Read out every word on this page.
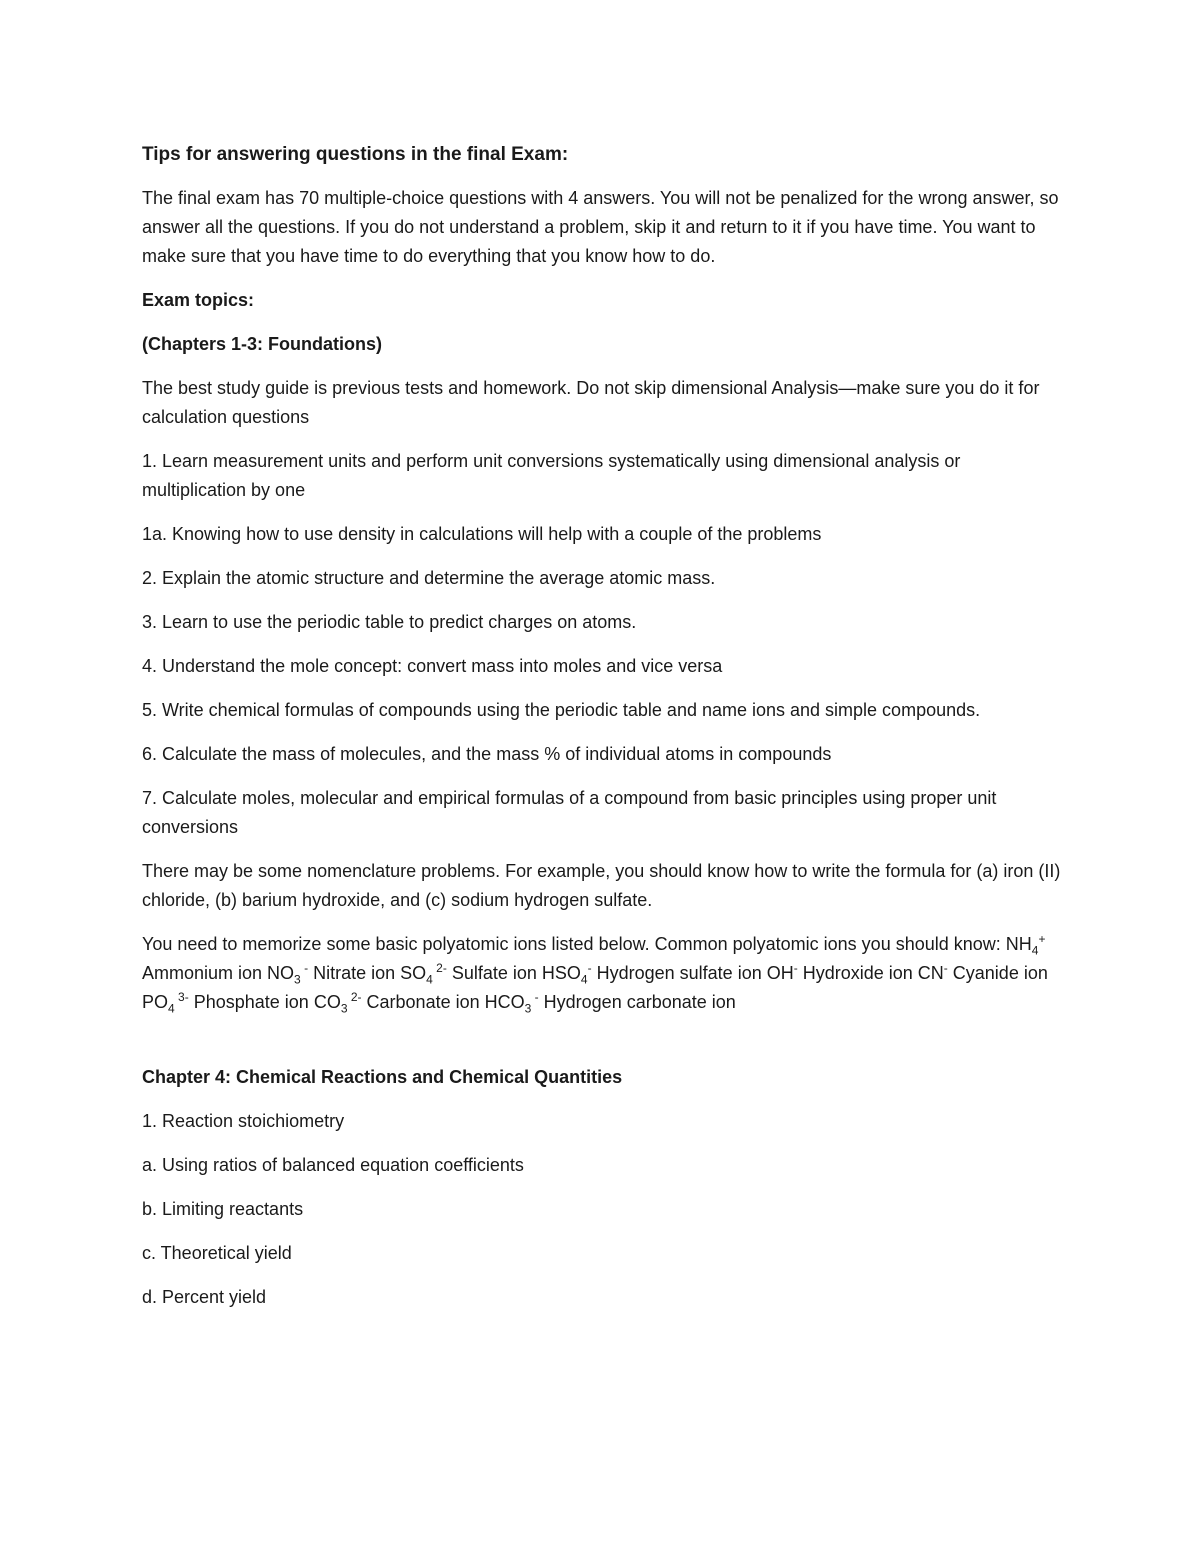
Tips for answering questions in the final Exam:

The final exam has 70 multiple-choice questions with 4 answers. You will not be penalized for the wrong answer, so answer all the questions. If you do not understand a problem, skip it and return to it if you have time. You want to make sure that you have time to do everything that you know how to do.

Exam topics:

(Chapters 1-3: Foundations)

The best study guide is previous tests and homework. Do not skip dimensional Analysis—make sure you do it for calculation questions

1. Learn measurement units and perform unit conversions systematically using dimensional analysis or multiplication by one

1a. Knowing how to use density in calculations will help with a couple of the problems

2. Explain the atomic structure and determine the average atomic mass.

3. Learn to use the periodic table to predict charges on atoms.

4. Understand the mole concept: convert mass into moles and vice versa

5. Write chemical formulas of compounds using the periodic table and name ions and simple compounds.

6. Calculate the mass of molecules, and the mass % of individual atoms in compounds

7. Calculate moles, molecular and empirical formulas of a compound from basic principles using proper unit conversions

There may be some nomenclature problems. For example, you should know how to write the formula for (a) iron (II) chloride, (b) barium hydroxide, and (c) sodium hydrogen sulfate.

You need to memorize some basic polyatomic ions listed below. Common polyatomic ions you should know: $NH_4^+$ Ammonium ion $NO_3$ - Nitrate ion $SO_4$ $^{2-}$ Sulfate ion $HSO_4^-$ Hydrogen sulfate ion OH- Hydroxide ion CN- Cyanide ion $PO_4$ $^{3-}$ Phosphate ion $CO_3$ $^{2-}$ Carbonate ion $HCO_3$ - Hydrogen carbonate ion

Chapter 4: Chemical Reactions and Chemical Quantities

1. Reaction stoichiometry

a. Using ratios of balanced equation coefficients

b. Limiting reactants

c. Theoretical yield

d. Percent yield
